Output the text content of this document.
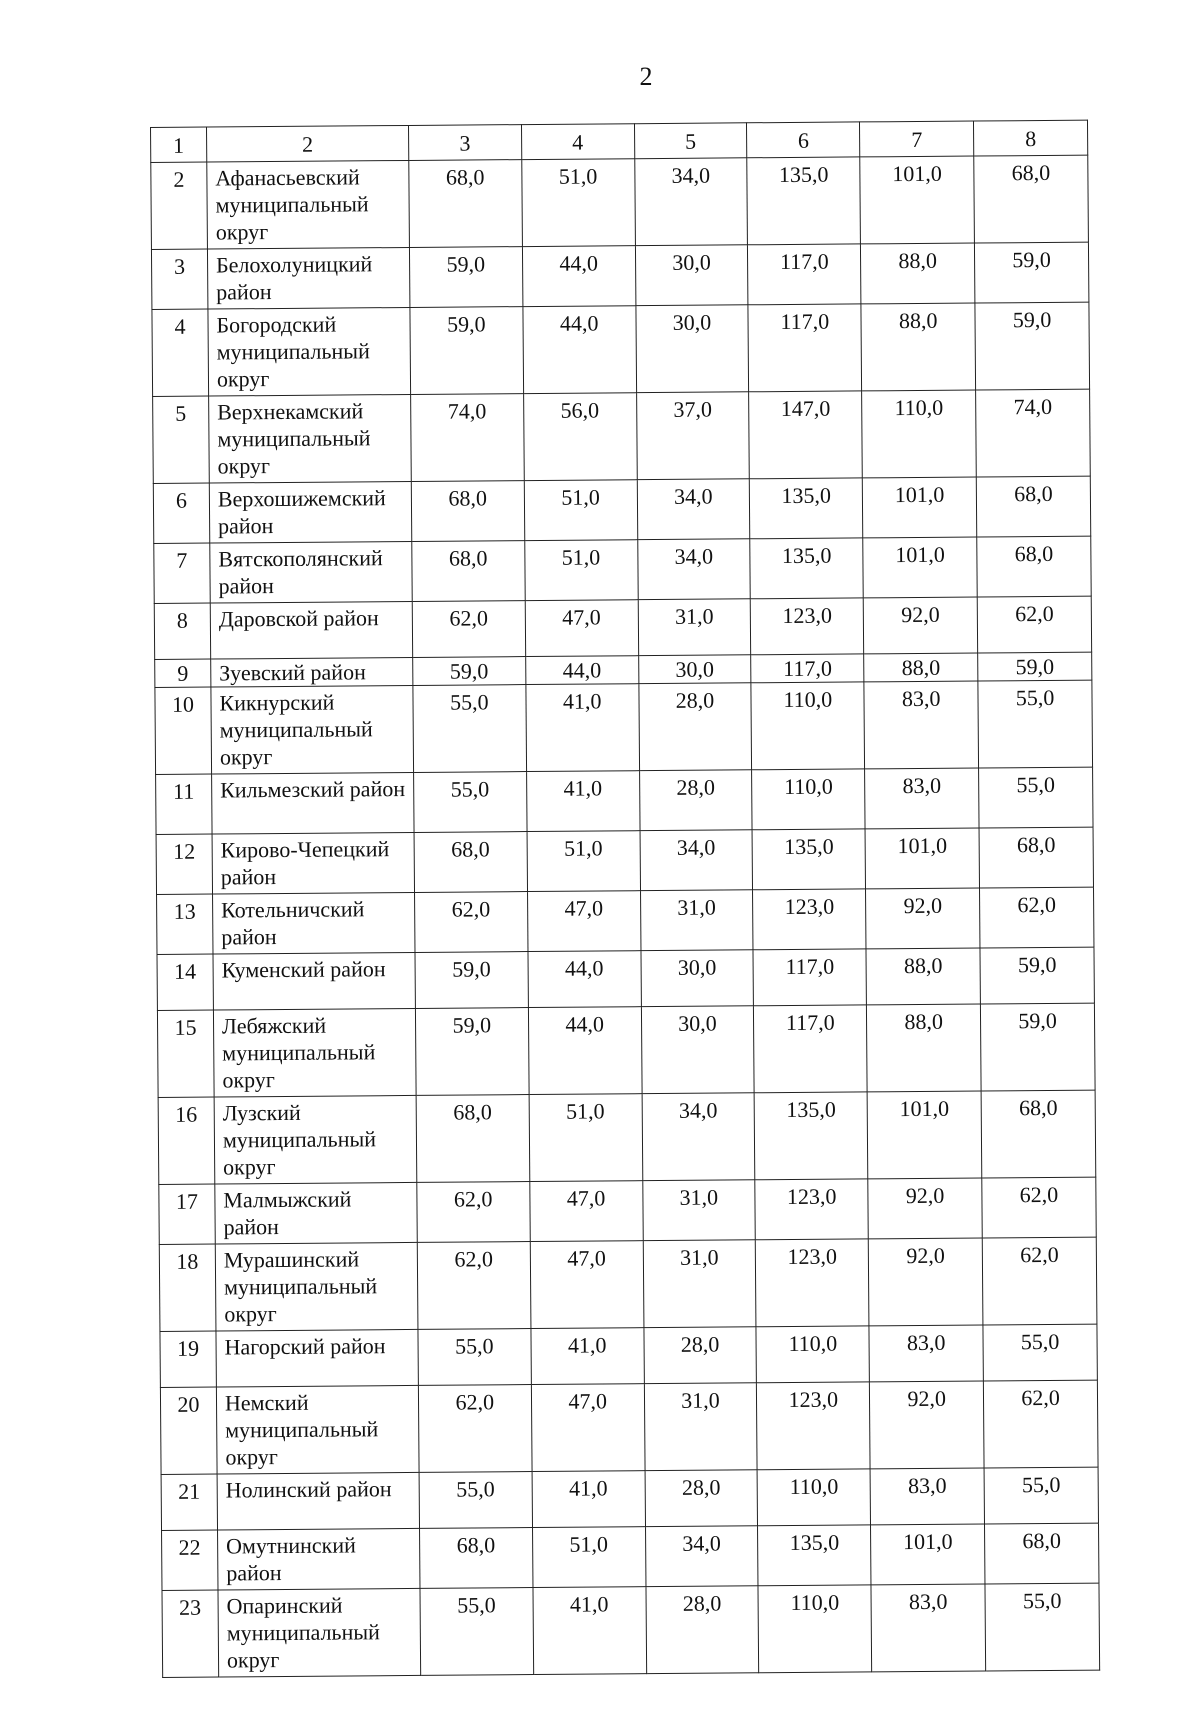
2
1	2	3	4	5	6	7	8
2	Афанасьевский муниципальный округ	68,0	51,0	34,0	135,0	101,0	68,0
3	Белохолуницкий район	59,0	44,0	30,0	117,0	88,0	59,0
4	Богородский муниципальный округ	59,0	44,0	30,0	117,0	88,0	59,0
5	Верхнекамский муниципальный округ	74,0	56,0	37,0	147,0	110,0	74,0
6	Верхошижемский район	68,0	51,0	34,0	135,0	101,0	68,0
7	Вятскополянский район	68,0	51,0	34,0	135,0	101,0	68,0
8	Даровской район	62,0	47,0	31,0	123,0	92,0	62,0
9	Зуевский район	59,0	44,0	30,0	117,0	88,0	59,0
10	Кикнурский муниципальный округ	55,0	41,0	28,0	110,0	83,0	55,0
11	Кильмезский район	55,0	41,0	28,0	110,0	83,0	55,0
12	Кирово-Чепецкий район	68,0	51,0	34,0	135,0	101,0	68,0
13	Котельничский район	62,0	47,0	31,0	123,0	92,0	62,0
14	Куменский район	59,0	44,0	30,0	117,0	88,0	59,0
15	Лебяжский муниципальный округ	59,0	44,0	30,0	117,0	88,0	59,0
16	Лузский муниципальный округ	68,0	51,0	34,0	135,0	101,0	68,0
17	Малмыжский район	62,0	47,0	31,0	123,0	92,0	62,0
18	Мурашинский муниципальный округ	62,0	47,0	31,0	123,0	92,0	62,0
19	Нагорский район	55,0	41,0	28,0	110,0	83,0	55,0
20	Немский муниципальный округ	62,0	47,0	31,0	123,0	92,0	62,0
21	Нолинский район	55,0	41,0	28,0	110,0	83,0	55,0
22	Омутнинский район	68,0	51,0	34,0	135,0	101,0	68,0
23	Опаринский муниципальный округ	55,0	41,0	28,0	110,0	83,0	55,0
